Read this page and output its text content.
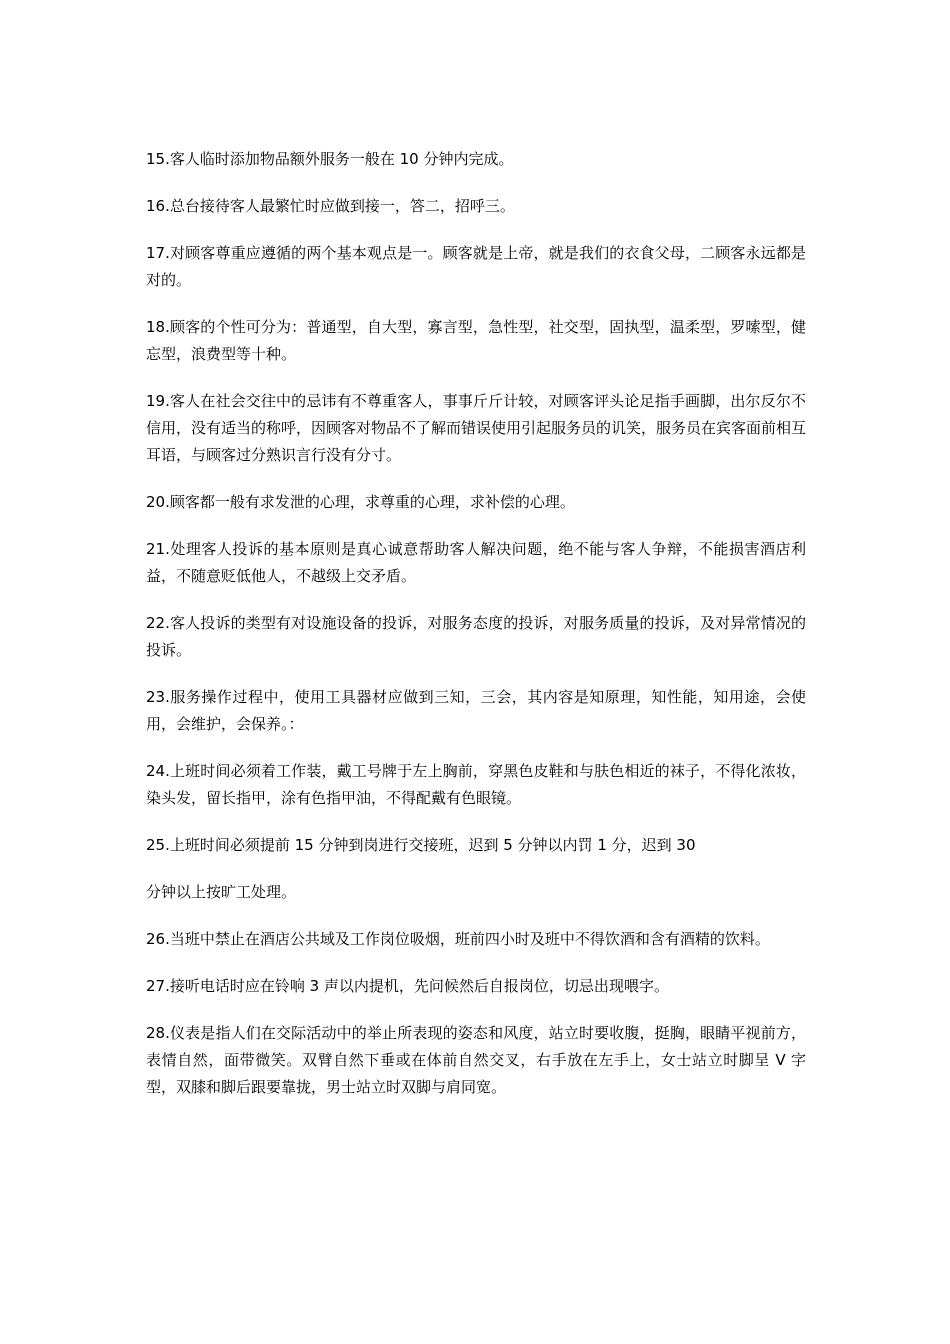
15.客人临时添加物品额外服务一般在 10 分钟内完成。

16.总台接待客人最繁忙时应做到接一，答二，招呼三。

17.对顾客尊重应遵循的两个基本观点是一。顾客就是上帝，就是我们的衣食父母，二顾客永远都是对的。

18.顾客的个性可分为：普通型，自大型，寡言型，急性型，社交型，固执型，温柔型，罗嗦型，健忘型，浪费型等十种。

19.客人在社会交往中的忌讳有不尊重客人，事事斤斤计较，对顾客评头论足指手画脚，出尔反尔不信用，没有适当的称呼，因顾客对物品不了解而错误使用引起服务员的讥笑，服务员在宾客面前相互耳语，与顾客过分熟识言行没有分寸。

20.顾客都一般有求发泄的心理，求尊重的心理，求补偿的心理。

21.处理客人投诉的基本原则是真心诚意帮助客人解决问题，绝不能与客人争辩，不能损害酒店利益，不随意贬低他人，不越级上交矛盾。

22.客人投诉的类型有对设施设备的投诉，对服务态度的投诉，对服务质量的投诉，及对异常情况的投诉。

23.服务操作过程中，使用工具器材应做到三知，三会，其内容是知原理，知性能，知用途，会使用，会维护，会保养。：

24.上班时间必须着工作装，戴工号牌于左上胸前，穿黑色皮鞋和与肤色相近的袜子，不得化浓妆，染头发，留长指甲，涂有色指甲油，不得配戴有色眼镜。

25.上班时间必须提前 15 分钟到岗进行交接班，迟到 5 分钟以内罚 1 分，迟到 30

分钟以上按旷工处理。

26.当班中禁止在酒店公共域及工作岗位吸烟，班前四小时及班中不得饮酒和含有酒精的饮料。

27.接听电话时应在铃响 3 声以内提机，先问候然后自报岗位，切忌出现喂字。

28.仪表是指人们在交际活动中的举止所表现的姿态和风度，站立时要收腹，挺胸，眼睛平视前方，表情自然，面带微笑。双臂自然下垂或在体前自然交叉，右手放在左手上，女士站立时脚呈 V 字型，双膝和脚后跟要靠拢，男士站立时双脚与肩同宽。
